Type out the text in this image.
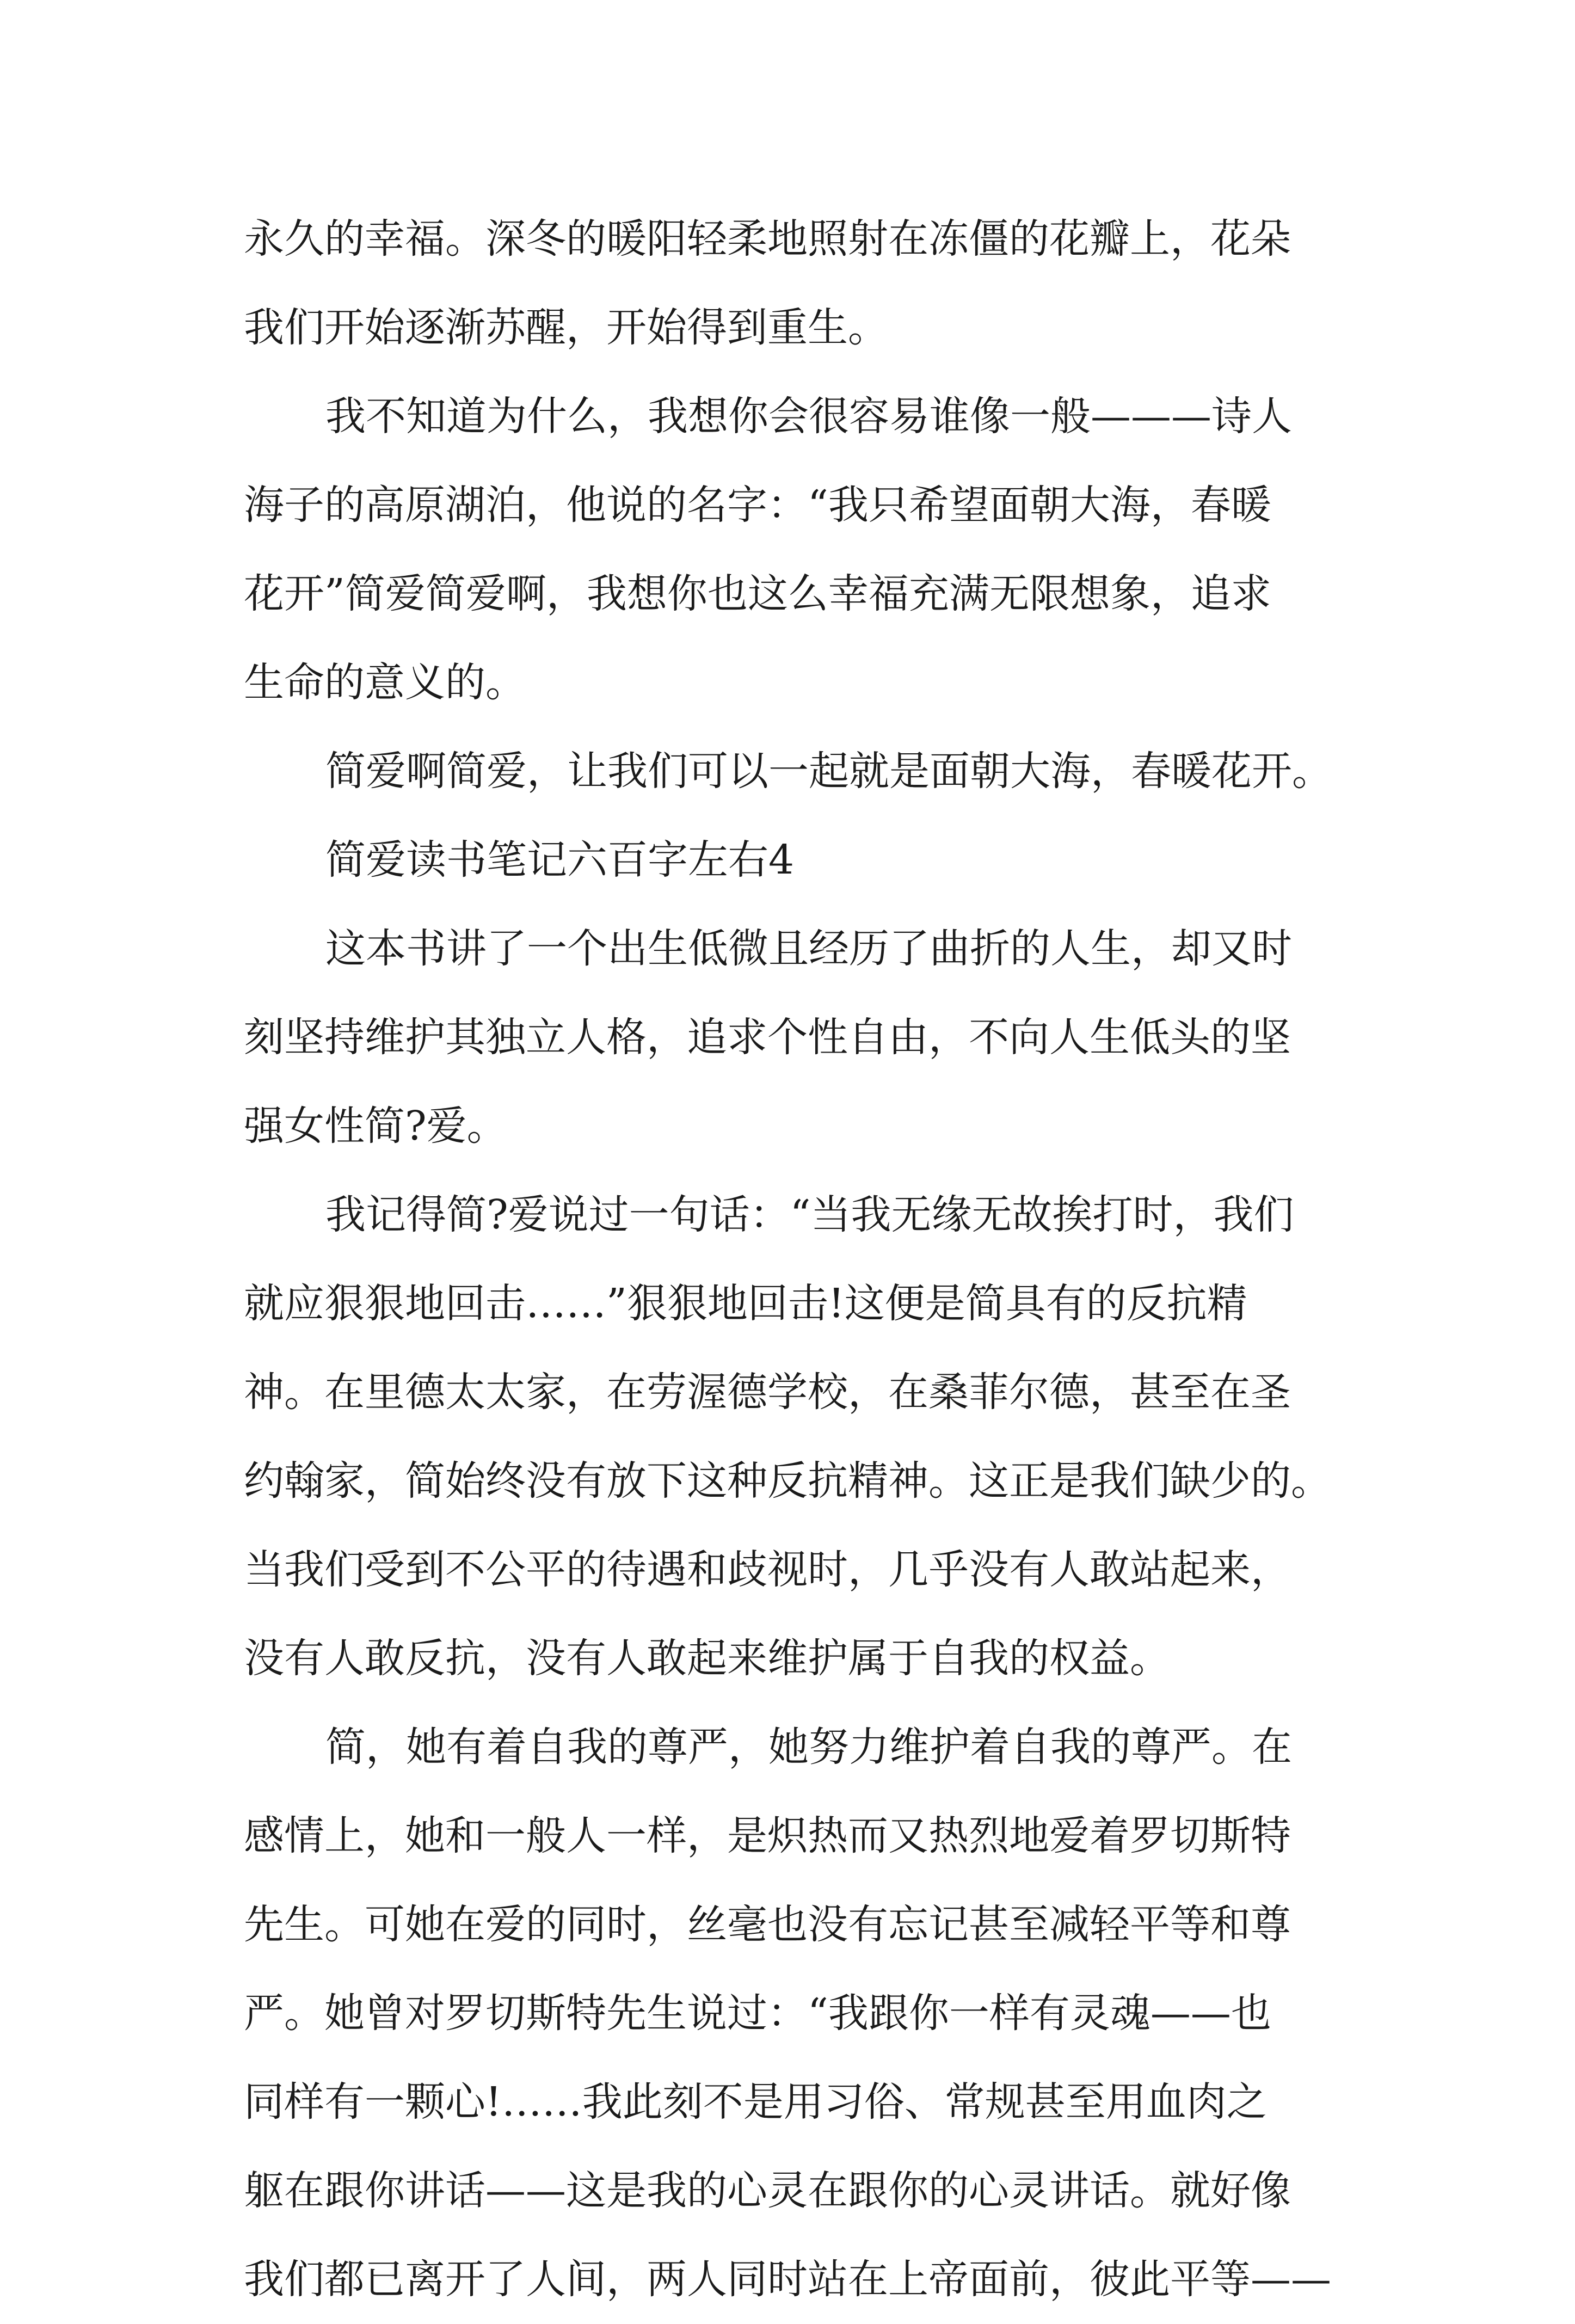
永久的幸福。深冬的暖阳轻柔地照射在冻僵的花瓣上，花朵
我们开始逐渐苏醒，开始得到重生。

我不知道为什么，我想你会很容易谁像一般———诗人
海子的高原湖泊，他说的名字：“我只希望面朝大海，春暖
花开”简爱简爱啊，我想你也这么幸福充满无限想象，追求
生命的意义的。

简爱啊简爱，让我们可以一起就是面朝大海，春暖花开。

简爱读书笔记六百字左右4

这本书讲了一个出生低微且经历了曲折的人生，却又时
刻坚持维护其独立人格，追求个性自由，不向人生低头的坚
强女性简?爱。

我记得简?爱说过一句话：“当我无缘无故挨打时，我们
就应狠狠地回击……”狠狠地回击!这便是简具有的反抗精
神。在里德太太家，在劳渥德学校，在桑菲尔德，甚至在圣
约翰家，简始终没有放下这种反抗精神。这正是我们缺少的。
当我们受到不公平的待遇和歧视时，几乎没有人敢站起来，
没有人敢反抗，没有人敢起来维护属于自我的权益。

简，她有着自我的尊严，她努力维护着自我的尊严。在
感情上，她和一般人一样，是炽热而又热烈地爱着罗切斯特
先生。可她在爱的同时，丝毫也没有忘记甚至减轻平等和尊
严。她曾对罗切斯特先生说过：“我跟你一样有灵魂——也
同样有一颗心!……我此刻不是用习俗、常规甚至用血肉之
躯在跟你讲话——这是我的心灵在跟你的心灵讲话。就好像
我们都已离开了人间，两人同时站在上帝面前，彼此平等——
